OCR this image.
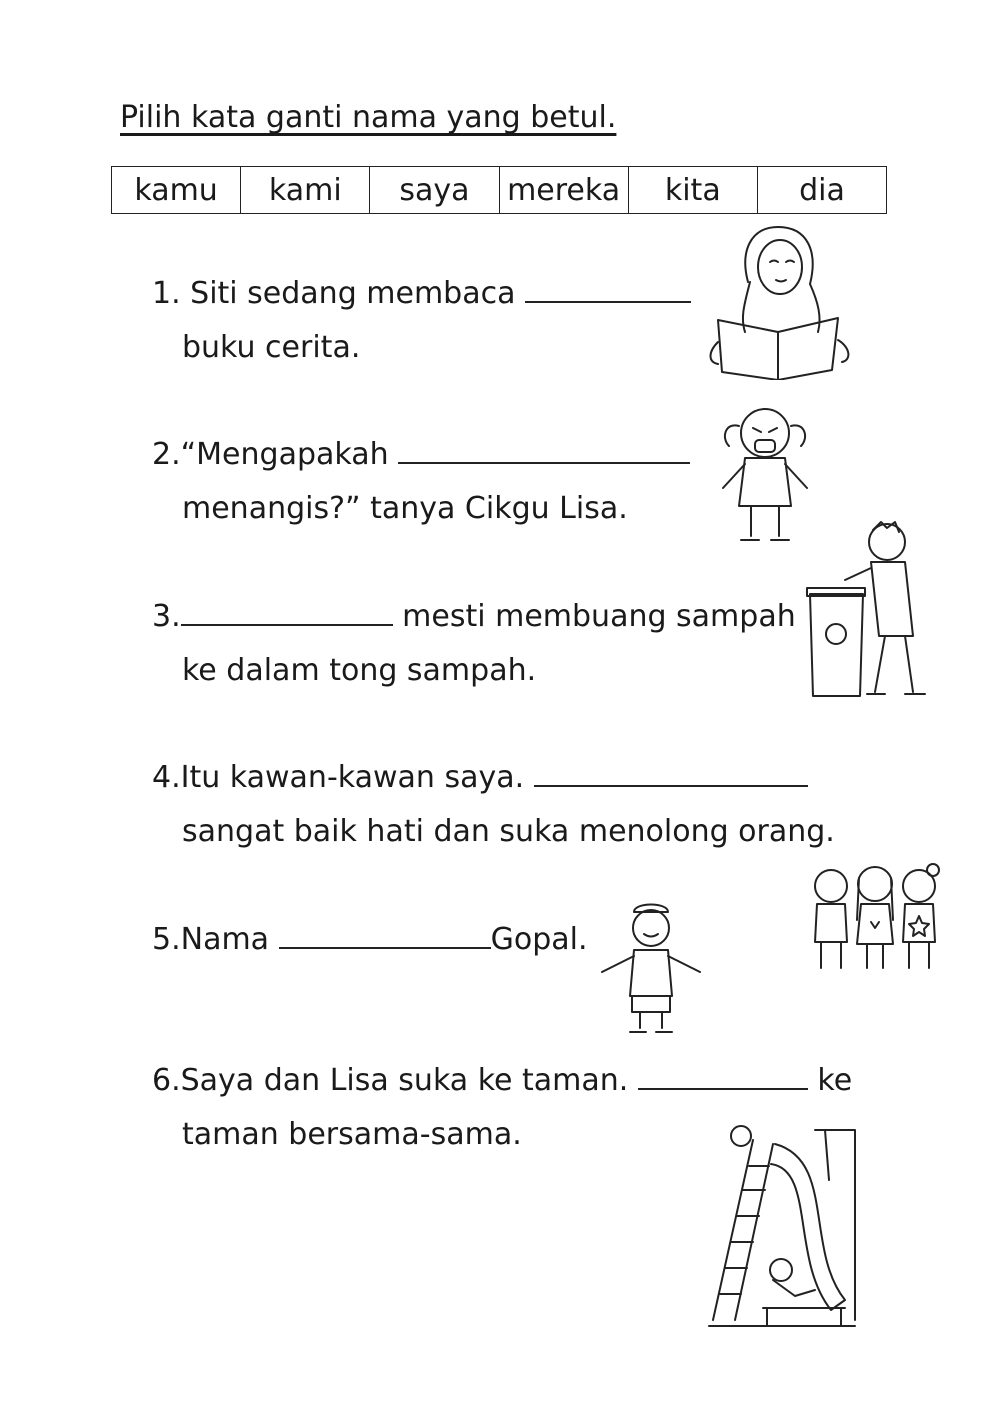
Pilih kata ganti nama yang betul.
kamu	kami	saya	mereka	kita	dia
1. Siti sedang membaca
buku cerita.
2.“Mengapakah
menangis?” tanya Cikgu Lisa.
3.	mesti membuang sampah
ke dalam tong sampah.
4.Itu kawan-kawan saya.
sangat baik hati dan suka menolong orang.
5.Nama	Gopal.
6.Saya dan Lisa suka ke taman.	ke
taman bersama-sama.
